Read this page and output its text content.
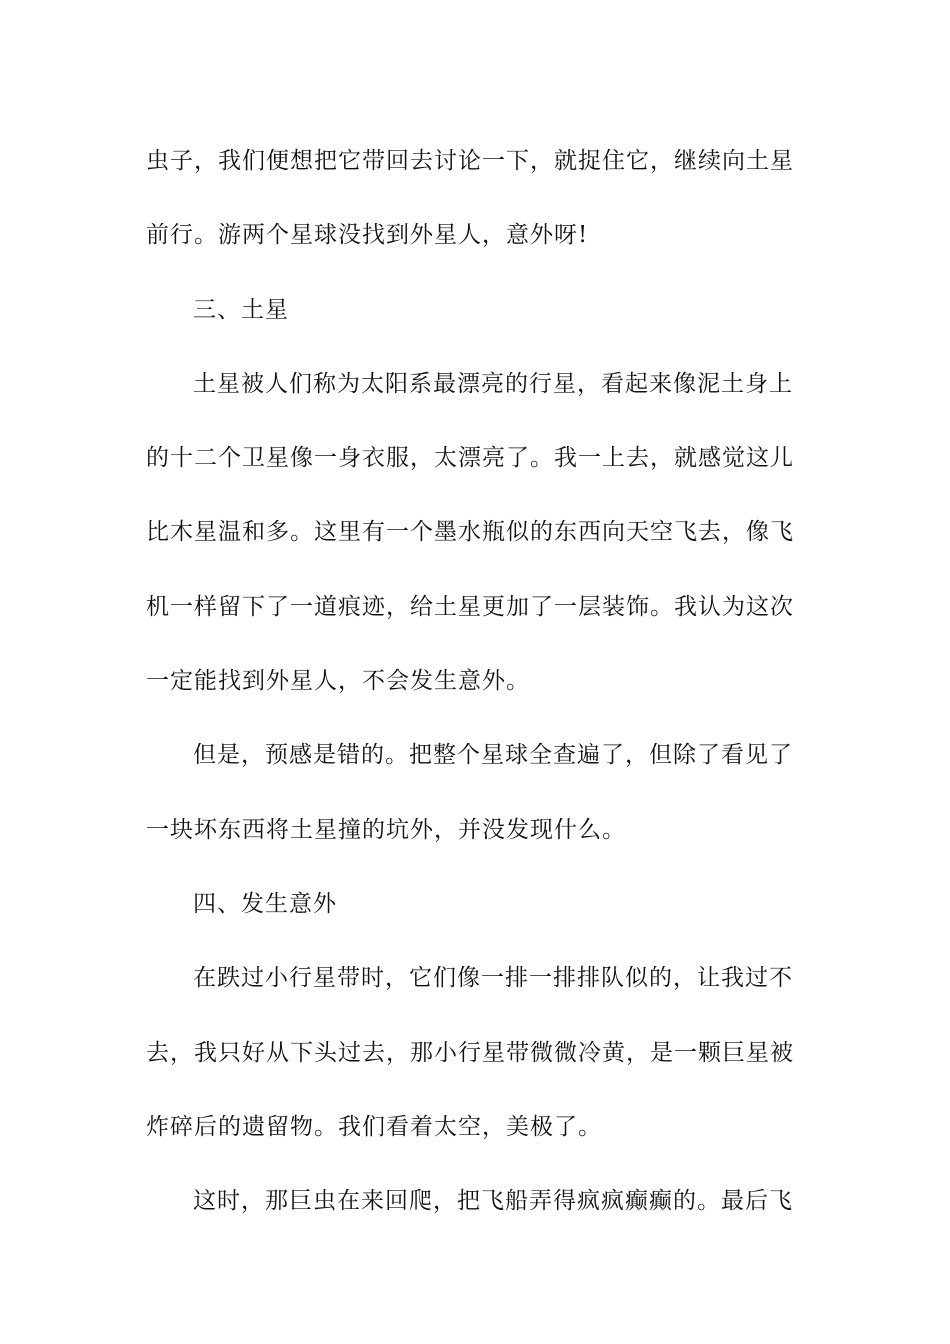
虫 子 ， 我 们 便 想 把 它 带 回 去 讨 论 一 下 ， 就 捉 住 它 ， 继 续 向 土 星
前行。游两个星球没找到外星人，意外呀!
三、土星
土 星 被 人 们 称 为 太 阳 系 最 漂 亮 的 行 星 ， 看 起 来 像 泥 土 身 上
的 十 二 个 卫 星 像 一 身 衣 服 ， 太 漂 亮 了 。 我 一 上 去 ， 就 感 觉 这 儿
比 木 星 温 和 多 。 这 里 有 一 个 墨 水 瓶 似 的 东 西 向 天 空 飞 去 ， 像 飞
机 一 样 留 下 了 一 道 痕 迹 ， 给 土 星 更 加 了 一 层 装 饰 。 我 认 为 这 次
一定能找到外星人，不会发生意外。
但 是 ， 预 感 是 错 的 。 把 整 个 星 球 全 查 遍 了 ， 但 除 了 看 见 了
一块坏东西将土星撞的坑外，并没发现什么。
四、发生意外
在 跌 过 小 行 星 带 时 ， 它 们 像 一 排 一 排 排 队 似 的 ， 让 我 过 不
去 ， 我 只 好 从 下 头 过 去 ， 那 小 行 星 带 微 微 冷 黄 ， 是 一 颗 巨 星 被
炸碎后的遗留物。我们看着太空，美极了。
这 时 ， 那 巨 虫 在 来 回 爬 ， 把 飞 船 弄 得 疯 疯 癫 癫 的 。 最 后 飞
